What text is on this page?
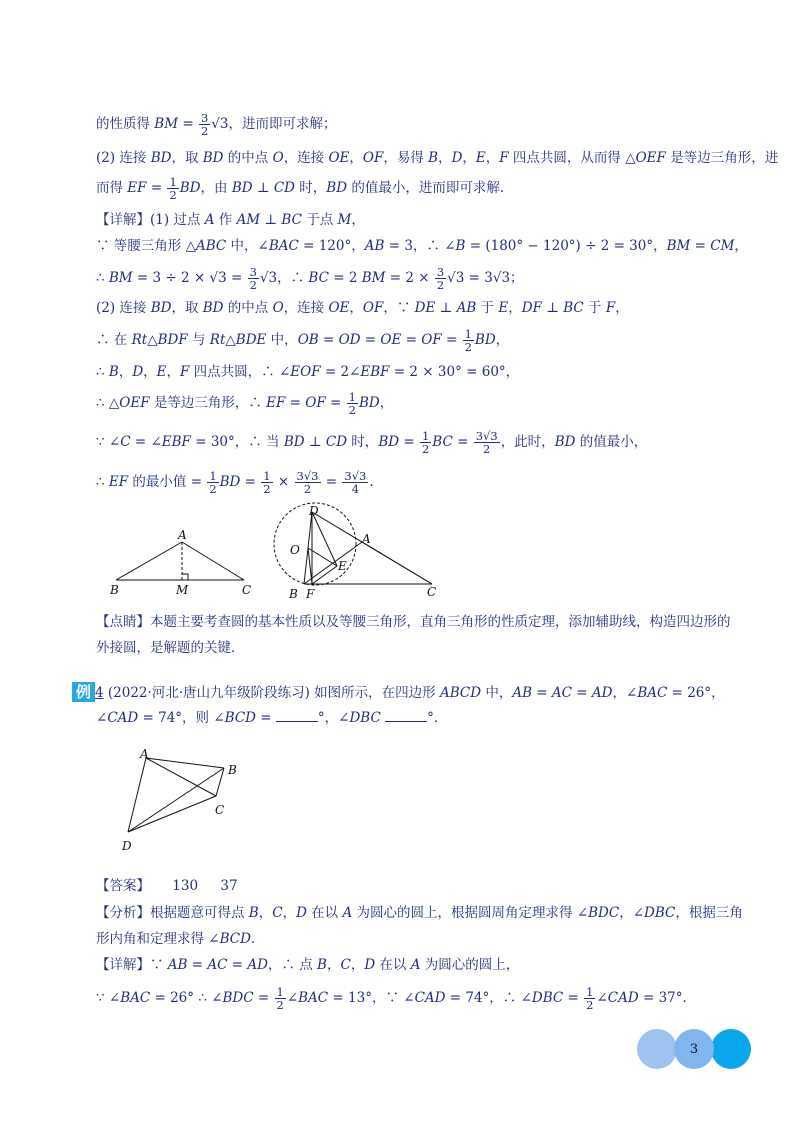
的性质得 BM = $\frac{3}{2} √3$，进而即可求解；
(2) 连接 BD，取 BD 的中点 O，连接 OE，OF，易得 B，D，E，F 四点共圆，从而得 △OEF 是等边三角形，进
而得 EF = $\frac{1}{2}$ BD，由 BD ⊥ CD 时，BD 的值最小，进而即可求解．
【详解】(1) 过点 A 作 AM ⊥ BC 于点 M，
∵ 等腰三角形 △ABC 中，∠BAC = 120°，AB = 3，∴ ∠B = (180° − 120°) ÷ 2 = 30°，BM = CM，
∴ BM = $3 \div 2 \times √3 = \frac{3}{2} √3$，∴ BC = 2 BM = $2 \times \frac{3}{2} √3 = 3√3$；
(2) 连接 BD，取 BD 的中点 O，连接 OE，OF，∵ DE ⊥ AB 于 E，DF ⊥ BC 于 F，
∴ 在 Rt△BDF 与 Rt△BDE 中，OB = OD = OE = OF = $\frac{1}{2}$ BD，
∴ B，D，E，F 四点共圆，∴ ∠EOF = 2∠EBF = 2 × 30° = 60°，
∴ △OEF 是等边三角形，∴ EF = OF = $\frac{1}{2}$ BD，
∵ ∠C = ∠EBF = 30°，∴ 当 BD ⊥ CD 时，BD = $\frac{1}{2}$ BC = $\frac{3√3}{2}$ ，此时，BD 的值最小，
∴ EF 的最小值 = $\frac{1}{2}$ BD = $\frac{1}{2} \times \frac{3√3}{2} = \frac{3√3}{4}$ ．
A
B	M	C
D
A
O
E
B F	C
【点睛】本题主要考查圆的基本性质以及等腰三角形，直角三角形的性质定理，添加辅助线，构造四边形的
外接圆，是解题的关键．
例 4 (2022·河北·唐山九年级阶段练习) 如图所示，在四边形 ABCD 中，AB = AC = AD，∠BAC = 26°，
∠CAD = 74°，则 ∠BCD =	°，∠DBC	°．
A
B
C
D
【答案】 130 37
【分析】根据题意可得点 B，C，D 在以 A 为圆心的圆上，根据圆周角定理求得 ∠BDC，∠DBC，根据三角
形内角和定理求得 ∠BCD．
【详解】∵ AB = AC = AD，∴ 点 B，C，D 在以 A 为圆心的圆上，
∵ ∠BAC = 26° ∴ ∠BDC = $\frac{1}{2}$ ∠BAC = 13°，∵ ∠CAD = 74°，∴ ∠DBC = $\frac{1}{2}$ ∠CAD = 37°．
3
